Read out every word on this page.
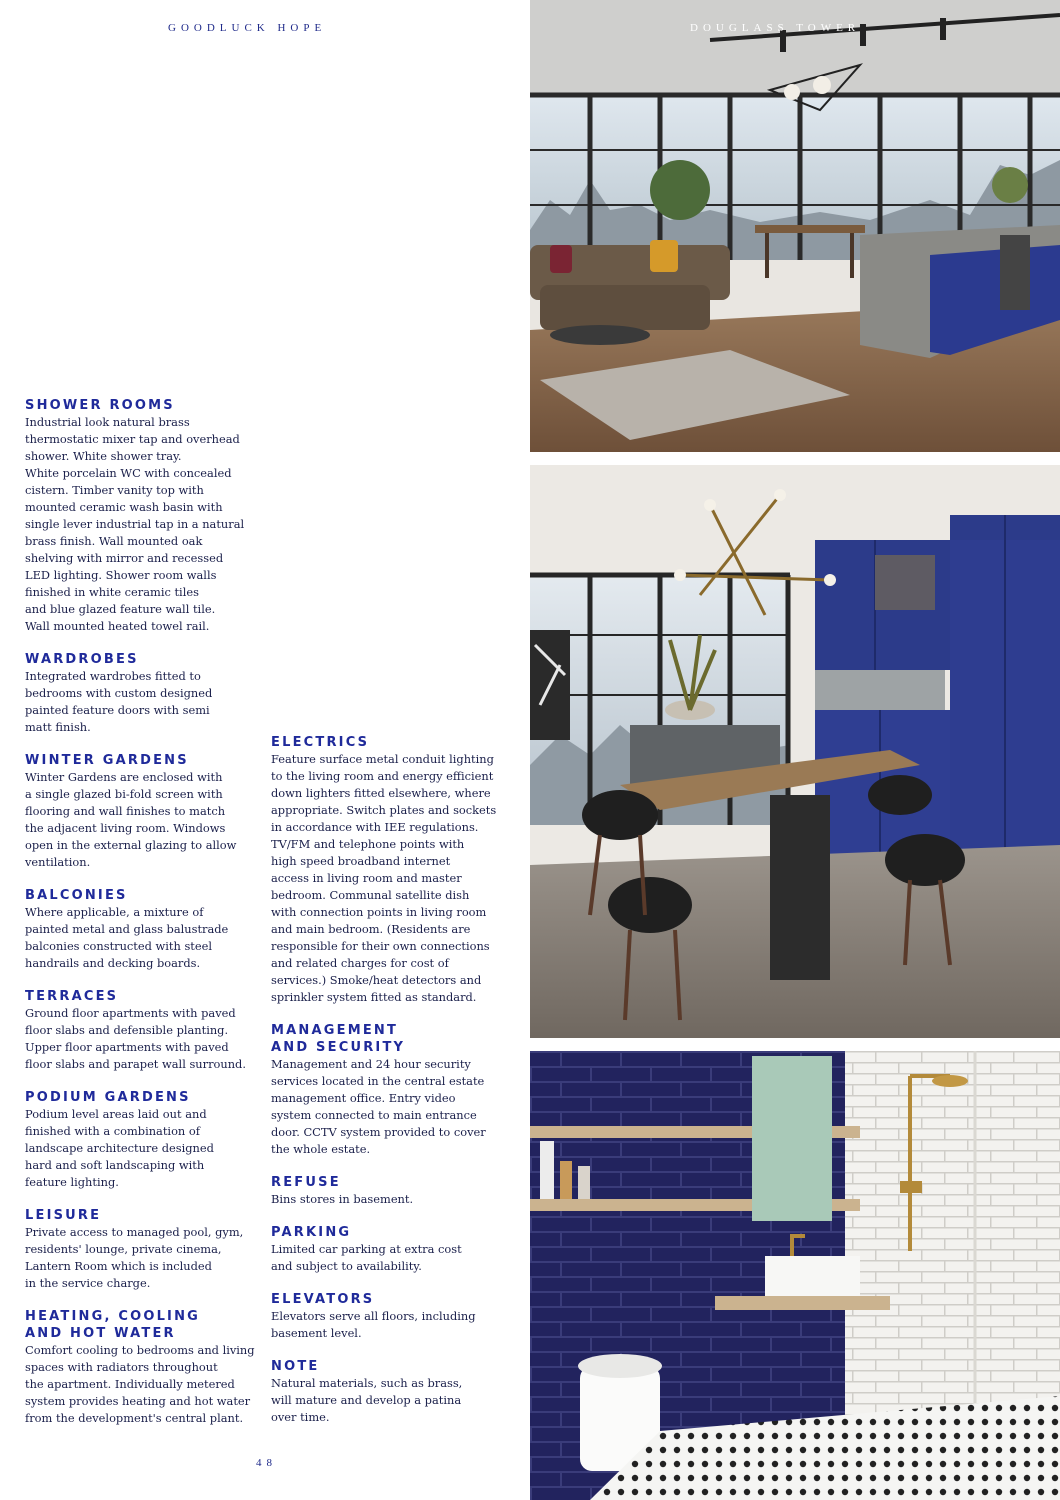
GOODLUCK HOPE	DOUGLASS TOWER
SHOWER ROOMS

Industrial look natural brass
thermostatic mixer tap and overhead
shower. White shower tray.
White porcelain WC with concealed
cistern. Timber vanity top with
mounted ceramic wash basin with
single lever industrial tap in a natural
brass finish. Wall mounted oak
shelving with mirror and recessed
LED lighting. Shower room walls
finished in white ceramic tiles
and blue glazed feature wall tile.
Wall mounted heated towel rail.

WARDROBES

Integrated wardrobes fitted to
bedrooms with custom designed
painted feature doors with semi
matt finish.

WINTER GARDENS

Winter Gardens are enclosed with
a single glazed bi-fold screen with
flooring and wall finishes to match
the adjacent living room. Windows
open in the external glazing to allow
ventilation.

BALCONIES

Where applicable, a mixture of
painted metal and glass balustrade
balconies constructed with steel
handrails and decking boards.

TERRACES

Ground floor apartments with paved
floor slabs and defensible planting.
Upper floor apartments with paved
floor slabs and parapet wall surround.

PODIUM GARDENS

Podium level areas laid out and
finished with a combination of
landscape architecture designed
hard and soft landscaping with
feature lighting.

LEISURE

Private access to managed pool, gym,
residents' lounge, private cinema,
Lantern Room which is included
in the service charge.

HEATING, COOLING
AND HOT WATER

Comfort cooling to bedrooms and living
spaces with radiators throughout
the apartment. Individually metered
system provides heating and hot water
from the development's central plant.

ELECTRICS

Feature surface metal conduit lighting
to the living room and energy efficient
down lighters fitted elsewhere, where
appropriate. Switch plates and sockets
in accordance with IEE regulations.
TV/FM and telephone points with
high speed broadband internet
access in living room and master
bedroom. Communal satellite dish
with connection points in living room
and main bedroom. (Residents are
responsible for their own connections
and related charges for cost of
services.) Smoke/heat detectors and
sprinkler system fitted as standard.

MANAGEMENT
AND SECURITY

Management and 24 hour security
services located in the central estate
management office. Entry video
system connected to main entrance
door. CCTV system provided to cover
the whole estate.

REFUSE

Bins stores in basement.

PARKING

Limited car parking at extra cost
and subject to availability.

ELEVATORS

Elevators serve all floors, including
basement level.

NOTE

Natural materials, such as brass,
will mature and develop a patina
over time.

48
